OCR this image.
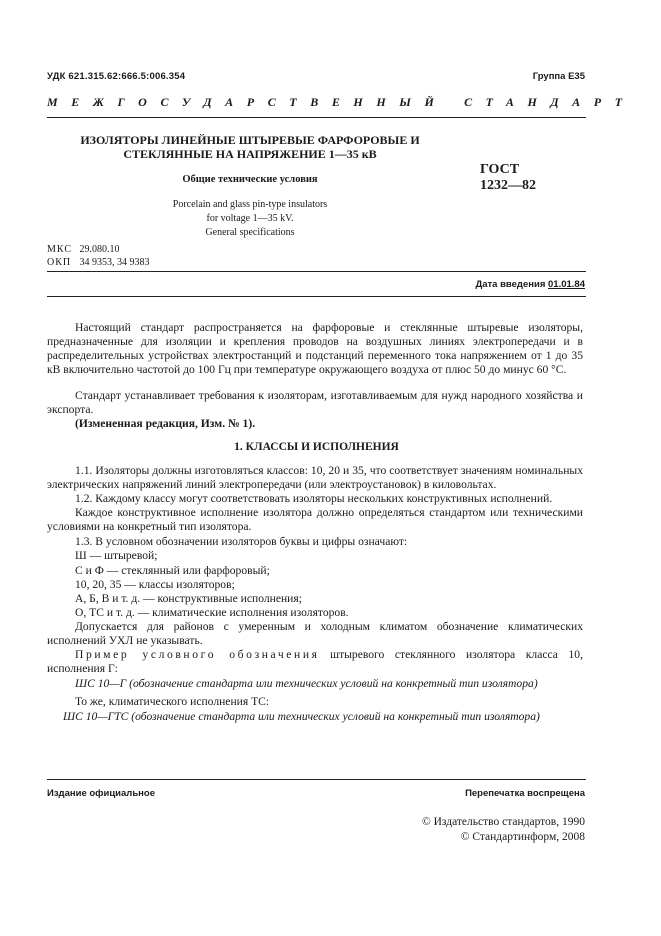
УДК 621.315.62:666.5:006.354	Группа Е35
МЕЖГОСУДАРСТВЕННЫЙ СТАНДАРТ
ИЗОЛЯТОРЫ ЛИНЕЙНЫЕ ШТЫРЕВЫЕ ФАРФОРОВЫЕ И
СТЕКЛЯННЫЕ НА НАПРЯЖЕНИЕ 1—35 кВ
Общие технические условия
Porcelain and glass pin-type insulators
for voltage 1—35 kV.
General specifications
ГОСТ
1232—82
МКС 29.080.10
ОКП 34 9353, 34 9383
Дата введения 01.01.84
Настоящий стандарт распространяется на фарфоровые и стеклянные штыревые изоляторы, предназначенные для изоляции и крепления проводов на воздушных линиях электропередачи и в распределительных устройствах электростанций и подстанций переменного тока напряжением от 1 до 35 кВ включительно частотой до 100 Гц при температуре окружающего воздуха от плюс 50 до минус 60 °С.
Стандарт устанавливает требования к изоляторам, изготавливаемым для нужд народного хозяйства и экспорта.
(Измененная редакция, Изм. № 1).
1. КЛАССЫ И ИСПОЛНЕНИЯ
1.1. Изоляторы должны изготовляться классов: 10, 20 и 35, что соответствует значениям номинальных электрических напряжений линий электропередачи (или электроустановок) в киловольтах.
1.2. Каждому классу могут соответствовать изоляторы нескольких конструктивных исполнений.
Каждое конструктивное исполнение изолятора должно определяться стандартом или техническими условиями на конкретный тип изолятора.
1.3. В условном обозначении изоляторов буквы и цифры означают:
Ш — штыревой;
С и Ф — стеклянный или фарфоровый;
10, 20, 35 — классы изоляторов;
А, Б, В и т. д. — конструктивные исполнения;
О, ТС и т. д. — климатические исполнения изоляторов.
Допускается для районов с умеренным и холодным климатом обозначение климатических исполнений УХЛ не указывать.
Пример условного обозначения штыревого стеклянного изолятора класса 10, исполнения Г:
ШС 10—Г (обозначение стандарта или технических условий на конкретный тип изолятора)
То же, климатического исполнения ТС:
ШС 10—ГТС (обозначение стандарта или технических условий на конкретный тип изолятора)
Издание официальное	Перепечатка воспрещена
© Издательство стандартов, 1990
© Стандартинформ, 2008
